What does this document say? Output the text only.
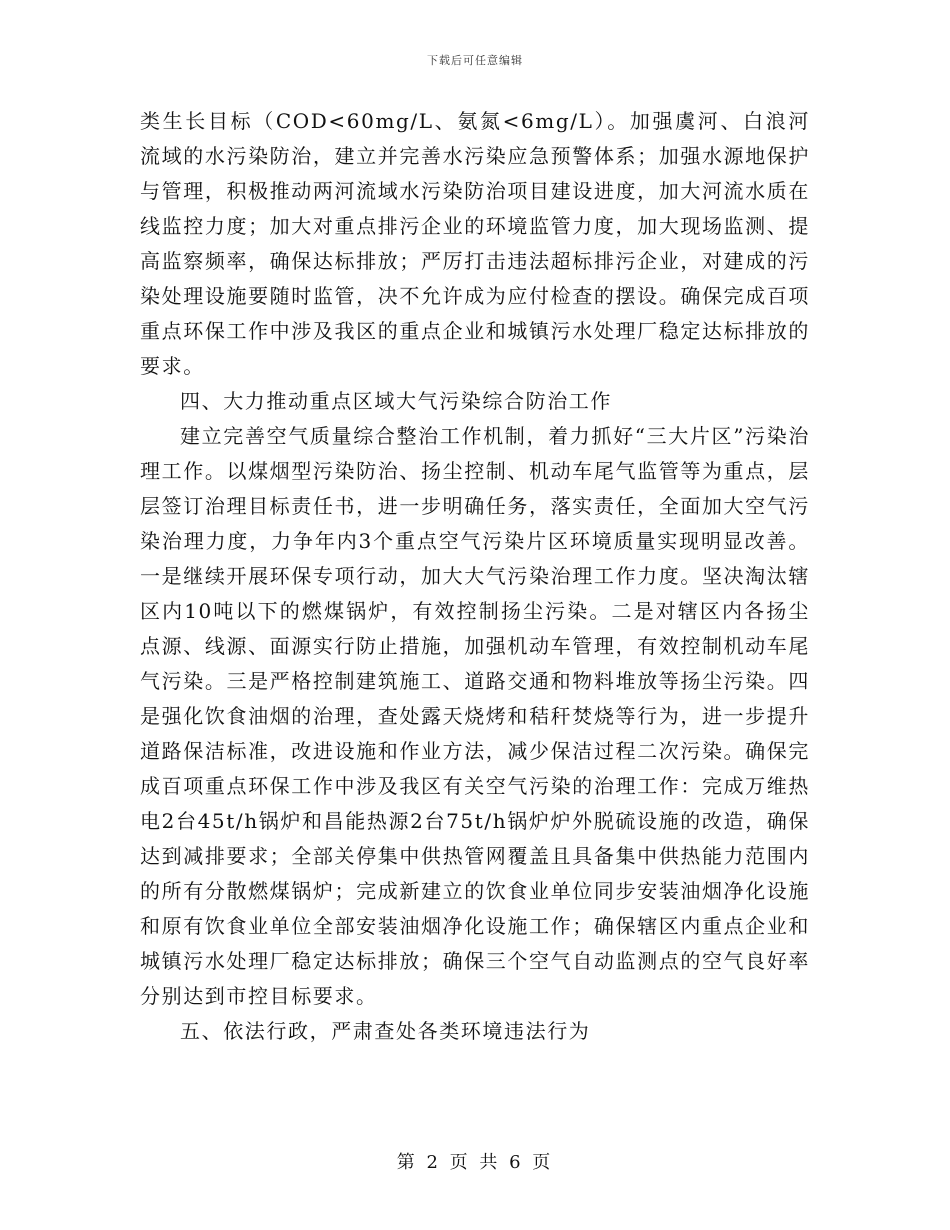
下载后可任意编辑

类生长目标（COD<60mg/L、氨氮<6mg/L）。加强虞河、白浪河流域的水污染防治，建立并完善水污染应急预警体系；加强水源地保护与管理，积极推动两河流域水污染防治项目建设进度，加大河流水质在线监控力度；加大对重点排污企业的环境监管力度，加大现场监测、提高监察频率，确保达标排放；严厉打击违法超标排污企业，对建成的污染处理设施要随时监管，决不允许成为应付检查的摆设。确保完成百项重点环保工作中涉及我区的重点企业和城镇污水处理厂稳定达标排放的要求。

四、大力推动重点区域大气污染综合防治工作

建立完善空气质量综合整治工作机制，着力抓好“三大片区”污染治理工作。以煤烟型污染防治、扬尘控制、机动车尾气监管等为重点，层层签订治理目标责任书，进一步明确任务，落实责任，全面加大空气污染治理力度，力争年内3个重点空气污染片区环境质量实现明显改善。一是继续开展环保专项行动，加大大气污染治理工作力度。坚决淘汰辖区内10吨以下的燃煤锅炉，有效控制扬尘污染。二是对辖区内各扬尘点源、线源、面源实行防止措施，加强机动车管理，有效控制机动车尾气污染。三是严格控制建筑施工、道路交通和物料堆放等扬尘污染。四是强化饮食油烟的治理，查处露天烧烤和秸秆焚烧等行为，进一步提升道路保洁标准，改进设施和作业方法，减少保洁过程二次污染。确保完成百项重点环保工作中涉及我区有关空气污染的治理工作：完成万维热电2台45t/h锅炉和昌能热源2台75t/h锅炉炉外脱硫设施的改造，确保达到减排要求；全部关停集中供热管网覆盖且具备集中供热能力范围内的所有分散燃煤锅炉；完成新建立的饮食业单位同步安装油烟净化设施和原有饮食业单位全部安装油烟净化设施工作；确保辖区内重点企业和城镇污水处理厂稳定达标排放；确保三个空气自动监测点的空气良好率分别达到市控目标要求。

五、依法行政，严肃查处各类环境违法行为

第 2 页 共 6 页
